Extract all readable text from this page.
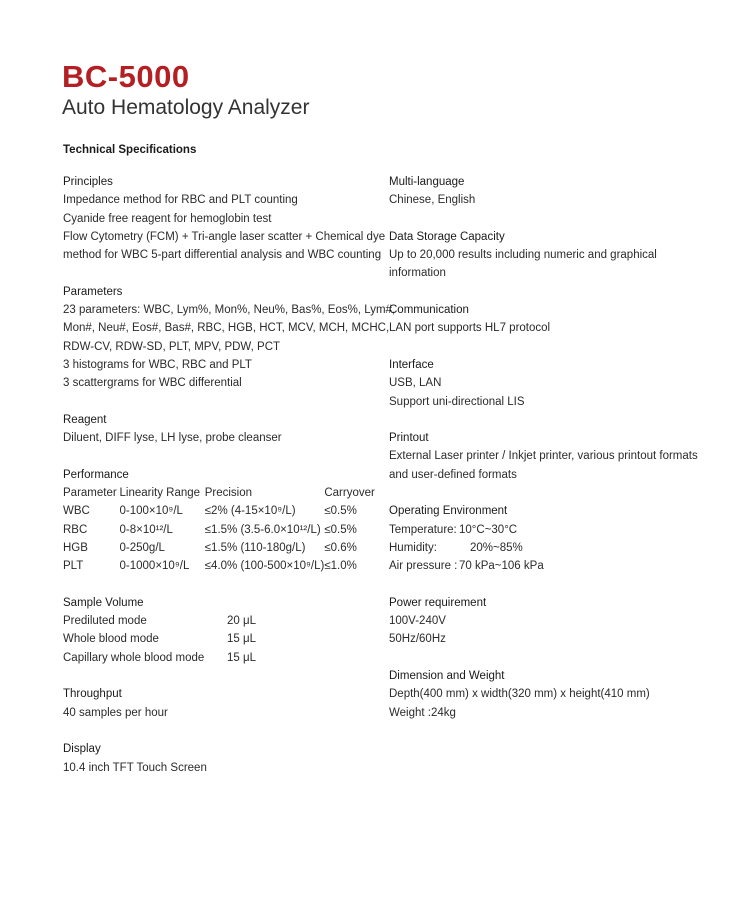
BC-5000
Auto Hematology Analyzer
Technical Specifications
Principles
Impedance method for RBC and PLT counting
Cyanide free reagent for hemoglobin test
Flow Cytometry (FCM) + Tri-angle laser scatter + Chemical dye
method for WBC 5-part differential analysis and WBC counting
Parameters
23 parameters: WBC, Lym%, Mon%, Neu%, Bas%, Eos%, Lym#,
Mon#, Neu#, Eos#, Bas#, RBC, HGB, HCT, MCV, MCH, MCHC,
RDW-CV, RDW-SD, PLT, MPV, PDW, PCT
3 histograms for WBC, RBC and PLT
3 scattergrams for WBC differential
Reagent
Diluent, DIFF lyse, LH lyse, probe cleanser
Performance
Parameter	Linearity Range	Precision	Carryover
WBC	0-100×10⁹/L	≤2% (4-15×10⁹/L)	≤0.5%
RBC	0-8×10¹²/L	≤1.5% (3.5-6.0×10¹²/L)	≤0.5%
HGB	0-250g/L	≤1.5% (110-180g/L)	≤0.6%
PLT	0-1000×10⁹/L	≤4.0% (100-500×10⁹/L)	≤1.0%
Sample Volume
Prediluted mode	20 μL
Whole blood mode	15 μL
Capillary whole blood mode	15 μL
Throughput
40 samples per hour
Display
10.4 inch TFT Touch Screen
Multi-language
Chinese, English
Data Storage Capacity
Up to 20,000 results including numeric and graphical
information
Communication
LAN port supports HL7 protocol
Interface
USB, LAN
Support uni-directional LIS
Printout
External Laser printer / Inkjet printer, various printout formats
and user-defined formats
Operating Environment
Temperature: 10°C~30°C
Humidity:	20%~85%
Air pressure : 70 kPa~106 kPa
Power requirement
100V-240V
50Hz/60Hz
Dimension and Weight
Depth(400 mm) x width(320 mm) x height(410 mm)
Weight :24kg
